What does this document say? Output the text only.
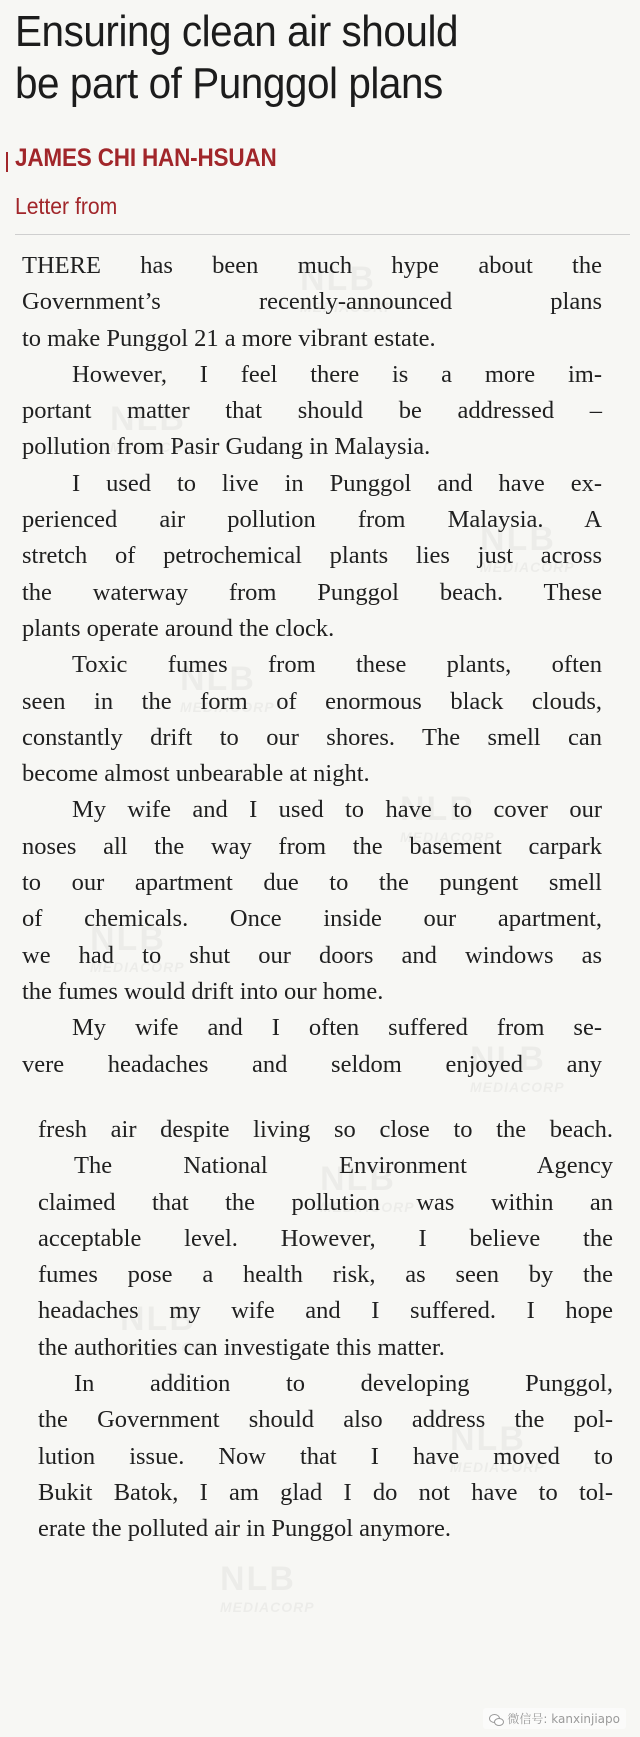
Ensuring clean air should
be part of Punggol plans
JAMES CHI HAN-HSUAN
Letter from
THERE has been much hype about the
Government’s recently-announced plans
to make Punggol 21 a more vibrant estate.
However, I feel there is a more im-
portant matter that should be addressed –
pollution from Pasir Gudang in Malaysia.
I used to live in Punggol and have ex-
perienced air pollution from Malaysia. A
stretch of petrochemical plants lies just across
the waterway from Punggol beach. These
plants operate around the clock.
Toxic fumes from these plants, often
seen in the form of enormous black clouds,
constantly drift to our shores. The smell can
become almost unbearable at night.
My wife and I used to have to cover our
noses all the way from the basement carpark
to our apartment due to the pungent smell
of chemicals. Once inside our apartment,
we had to shut our doors and windows as
the fumes would drift into our home.
My wife and I often suffered from se-
vere headaches and seldom enjoyed any
fresh air despite living so close to the beach.
The National Environment Agency
claimed that the pollution was within an
acceptable level. However, I believe the
fumes pose a health risk, as seen by the
headaches my wife and I suffered. I hope
the authorities can investigate this matter.
In addition to developing Punggol,
the Government should also address the pol-
lution issue. Now that I have moved to
Bukit Batok, I am glad I do not have to tol-
erate the polluted air in Punggol anymore.
微信号: kanxinjiapo
